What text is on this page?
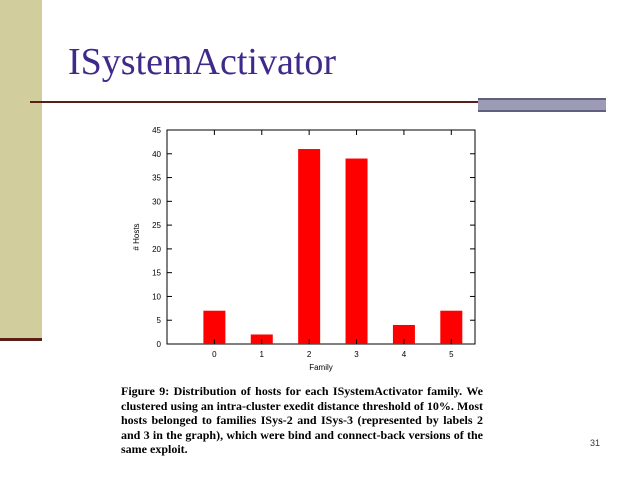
ISystemActivator
0
5
10
15
20
25
30
35
40
45
0	1	2	3	4	5
Family
# Hosts
Figure 9: Distribution of hosts for each ISystemActivator family. We clustered using an intra-cluster exedit distance threshold of 10%. Most hosts belonged to families ISys-2 and ISys-3 (represented by labels 2 and 3 in the graph), which were bind and connect-back versions of the same exploit.	31
